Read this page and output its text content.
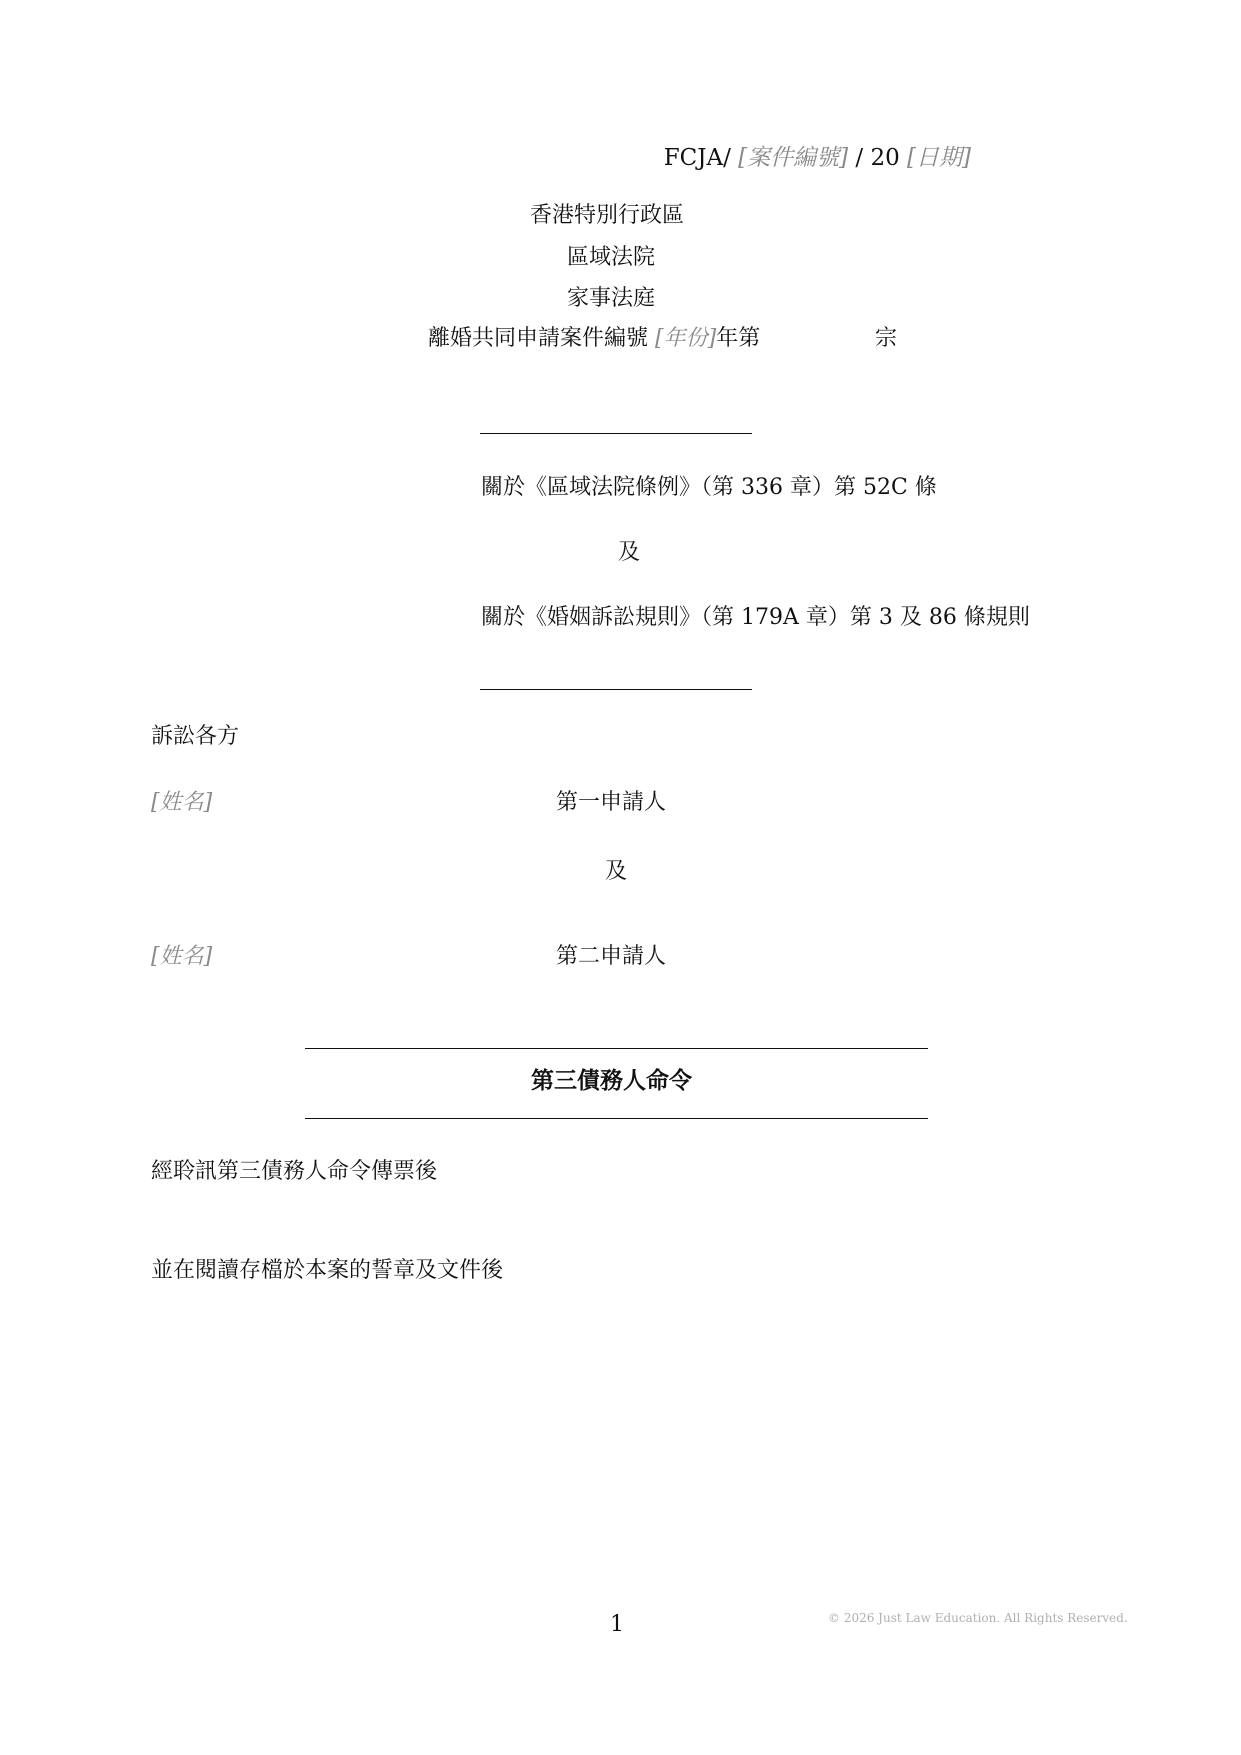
FCJA/ [案件編號] / 20 [日期]
香港特別行政區
區域法院
家事法庭
離婚共同申請案件編號 [年份]年第	宗
關於《區域法院條例》（第 336 章）第 52C 條
及
關於《婚姻訴訟規則》（第 179A 章）第 3 及 86 條規則
訴訟各方
[姓名]	第一申請人
及
[姓名]	第二申請人
第三債務人命令
經聆訊第三債務人命令傳票後
並在閱讀存檔於本案的誓章及文件後
1	© 2026 Just Law Education. All Rights Reserved.
